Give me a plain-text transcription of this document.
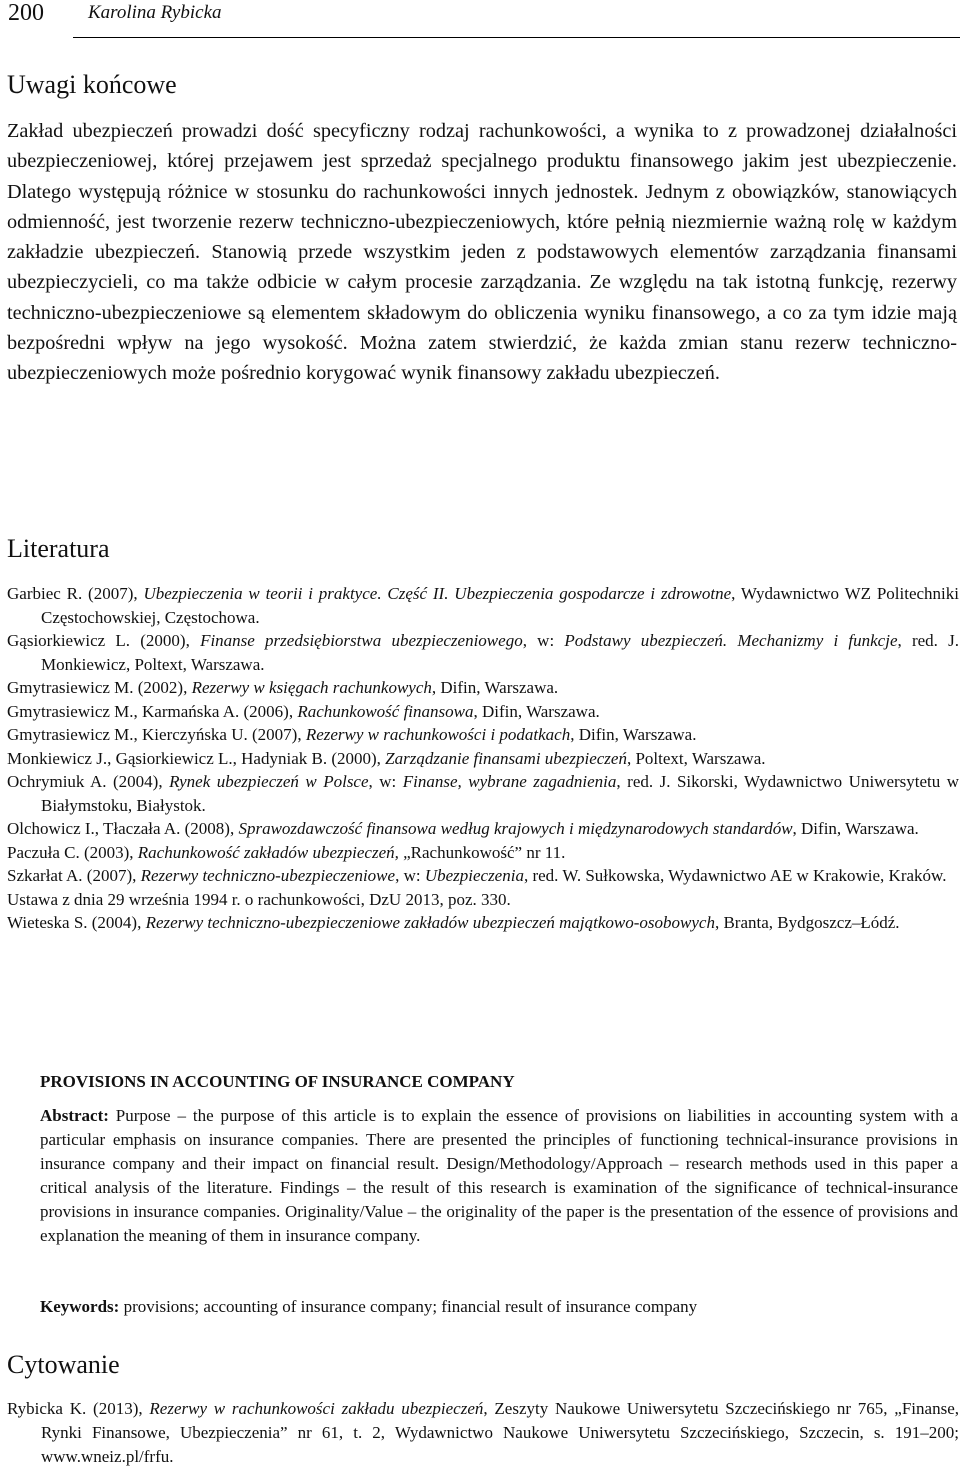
200 Karolina Rybicka
Uwagi końcowe

Zakład ubezpieczeń prowadzi dość specyficzny rodzaj rachunkowości, a wynika to z prowadzonej działalności ubezpieczeniowej, której przejawem jest sprzedaż specjalnego produktu finansowego jakim jest ubezpieczenie. Dlatego występują różnice w stosunku do rachunkowości innych jednostek. Jednym z obowiązków, stanowiących odmienność, jest tworzenie rezerw techniczno-ubezpieczeniowych, które pełnią niezmiernie ważną rolę w każdym zakładzie ubezpieczeń. Stanowią przede wszystkim jeden z podstawowych elementów zarządzania finansami ubezpieczycieli, co ma także odbicie w całym procesie zarządzania. Ze względu na tak istotną funkcję, rezerwy techniczno-ubezpieczeniowe są elementem składowym do obliczenia wyniku finansowego, a co za tym idzie mają bezpośredni wpływ na jego wysokość. Można zatem stwierdzić, że każda zmian stanu rezerw techniczno-ubezpieczeniowych może pośrednio korygować wynik finansowy zakładu ubezpieczeń.

Literatura
Garbiec R. (2007), Ubezpieczenia w teorii i praktyce. Część II. Ubezpieczenia gospodarcze i zdrowotne, Wydawnictwo WZ Politechniki Częstochowskiej, Częstochowa.
Gąsiorkiewicz L. (2000), Finanse przedsiębiorstwa ubezpieczeniowego, w: Podstawy ubezpieczeń. Mechanizmy i funkcje, red. J. Monkiewicz, Poltext, Warszawa.
Gmytrasiewicz M. (2002), Rezerwy w księgach rachunkowych, Difin, Warszawa.
Gmytrasiewicz M., Karmańska A. (2006), Rachunkowość finansowa, Difin, Warszawa.
Gmytrasiewicz M., Kierczyńska U. (2007), Rezerwy w rachunkowości i podatkach, Difin, Warszawa.
Monkiewicz J., Gąsiorkiewicz L., Hadyniak B. (2000), Zarządzanie finansami ubezpieczeń, Poltext, Warszawa.
Ochrymiuk A. (2004), Rynek ubezpieczeń w Polsce, w: Finanse, wybrane zagadnienia, red. J. Sikorski, Wydawnictwo Uniwersytetu w Białymstoku, Białystok.
Olchowicz I., Tłaczała A. (2008), Sprawozdawczość finansowa według krajowych i międzynarodowych standardów, Difin, Warszawa.
Paczuła C. (2003), Rachunkowość zakładów ubezpieczeń, „Rachunkowość” nr 11.
Szkarłat A. (2007), Rezerwy techniczno-ubezpieczeniowe, w: Ubezpieczenia, red. W. Sułkowska, Wydawnictwo AE w Krakowie, Kraków.
Ustawa z dnia 29 września 1994 r. o rachunkowości, DzU 2013, poz. 330.
Wieteska S. (2004), Rezerwy techniczno-ubezpieczeniowe zakładów ubezpieczeń majątkowo-osobowych, Branta, Bydgoszcz–Łódź.

PROVISIONS IN ACCOUNTING OF INSURANCE COMPANY

Abstract: Purpose – the purpose of this article is to explain the essence of provisions on liabilities in accounting system with a particular emphasis on insurance companies. There are presented the principles of functioning technical-insurance provisions in insurance company and their impact on financial result. Design/Methodology/Approach – research methods used in this paper a critical analysis of the literature. Findings – the result of this research is examination of the significance of technical-insurance provisions in insurance companies. Originality/Value – the originality of the paper is the presentation of the essence of provisions and explanation the meaning of them in insurance company.

Keywords: provisions; accounting of insurance company; financial result of insurance company

Cytowanie

Rybicka K. (2013), Rezerwy w rachunkowości zakładu ubezpieczeń, Zeszyty Naukowe Uniwersytetu Szczecińskiego nr 765, „Finanse, Rynki Finansowe, Ubezpieczenia” nr 61, t. 2, Wydawnictwo Naukowe Uniwersytetu Szczecińskiego, Szczecin, s. 191–200; www.wneiz.pl/frfu.
